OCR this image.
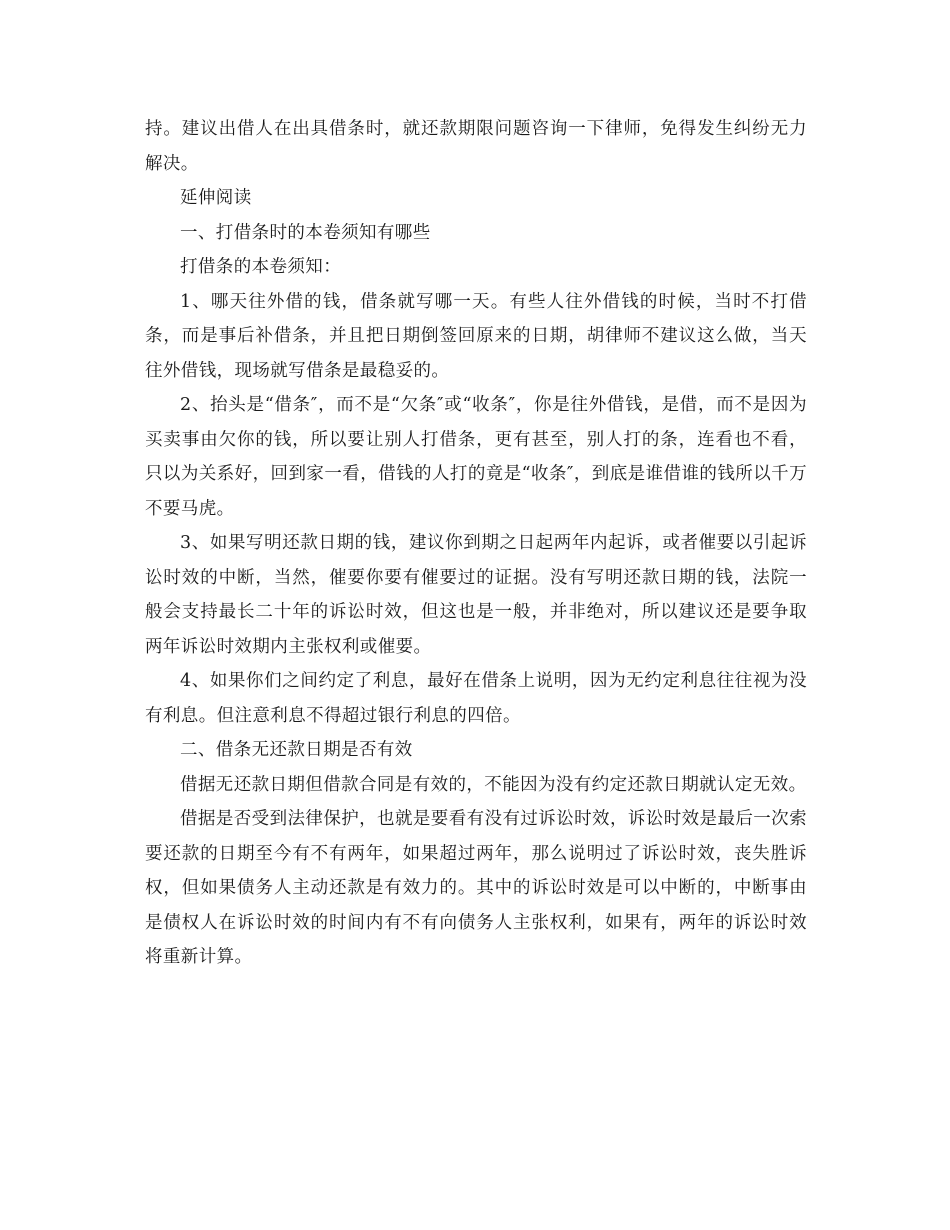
持。建议出借人在出具借条时，就还款期限问题咨询一下律师，免得发生纠纷无力解决。

延伸阅读

一、打借条时的本卷须知有哪些

打借条的本卷须知：

1、哪天往外借的钱，借条就写哪一天。有些人往外借钱的时候，当时不打借条，而是事后补借条，并且把日期倒签回原来的日期，胡律师不建议这么做，当天往外借钱，现场就写借条是最稳妥的。

2、抬头是“借条″，而不是“欠条″或“收条″，你是往外借钱，是借，而不是因为买卖事由欠你的钱，所以要让别人打借条，更有甚至，别人打的条，连看也不看，只以为关系好，回到家一看，借钱的人打的竟是“收条″，到底是谁借谁的钱所以千万不要马虎。

3、如果写明还款日期的钱，建议你到期之日起两年内起诉，或者催要以引起诉讼时效的中断，当然，催要你要有催要过的证据。没有写明还款日期的钱，法院一般会支持最长二十年的诉讼时效，但这也是一般，并非绝对，所以建议还是要争取两年诉讼时效期内主张权利或催要。

4、如果你们之间约定了利息，最好在借条上说明，因为无约定利息往往视为没有利息。但注意利息不得超过银行利息的四倍。

二、借条无还款日期是否有效

借据无还款日期但借款合同是有效的，不能因为没有约定还款日期就认定无效。

借据是否受到法律保护，也就是要看有没有过诉讼时效，诉讼时效是最后一次索要还款的日期至今有不有两年，如果超过两年，那么说明过了诉讼时效，丧失胜诉权，但如果债务人主动还款是有效力的。其中的诉讼时效是可以中断的，中断事由是债权人在诉讼时效的时间内有不有向债务人主张权利，如果有，两年的诉讼时效将重新计算。
